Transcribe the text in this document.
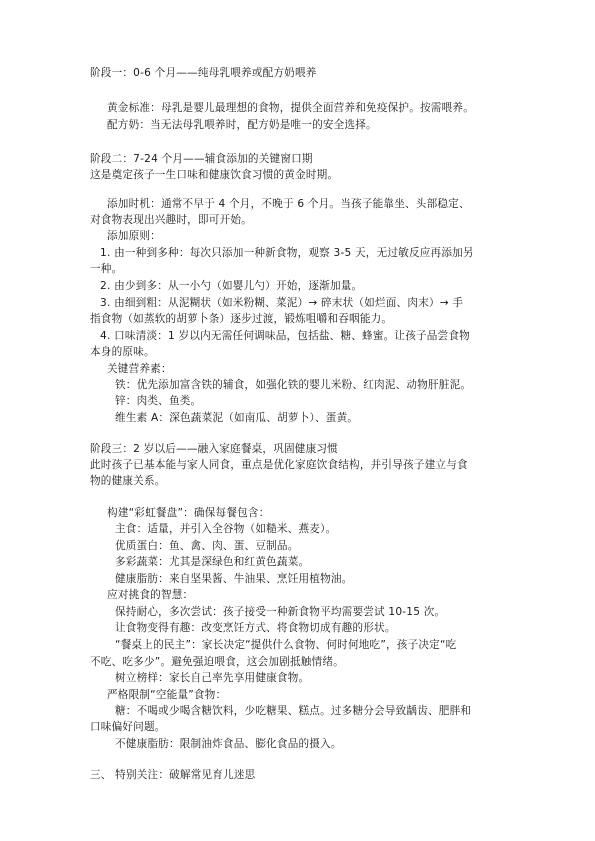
阶段一：0-6 个月——纯母乳喂养或配方奶喂养
黄金标准：母乳是婴儿最理想的食物，提供全面营养和免疫保护。按需喂养。
配方奶：当无法母乳喂养时，配方奶是唯一的安全选择。
阶段二：7-24 个月——辅食添加的关键窗口期
这是奠定孩子一生口味和健康饮食习惯的黄金时期。
添加时机：通常不早于 4 个月，不晚于 6 个月。当孩子能靠坐、头部稳定、
对食物表现出兴趣时，即可开始。
添加原则：
1. 由一种到多种：每次只添加一种新食物，观察 3-5 天，无过敏反应再添加另
一种。
2. 由少到多：从一小勺（如婴儿勺）开始，逐渐加量。
3. 由细到粗：从泥糊状（如米粉糊、菜泥）→ 碎末状（如烂面、肉末）→ 手
指食物（如蒸软的胡萝卜条）逐步过渡，锻炼咀嚼和吞咽能力。
4. 口味清淡：1 岁以内无需任何调味品，包括盐、糖、蜂蜜。让孩子品尝食物
本身的原味。
关键营养素：
铁：优先添加富含铁的辅食，如强化铁的婴儿米粉、红肉泥、动物肝脏泥。
锌：肉类、鱼类。
维生素 A：深色蔬菜泥（如南瓜、胡萝卜）、蛋黄。
阶段三：2 岁以后——融入家庭餐桌，巩固健康习惯
此时孩子已基本能与家人同食，重点是优化家庭饮食结构，并引导孩子建立与食
物的健康关系。
构建“彩虹餐盘”：确保每餐包含：
主食：适量，并引入全谷物（如糙米、燕麦）。
优质蛋白：鱼、禽、肉、蛋、豆制品。
多彩蔬菜：尤其是深绿色和红黄色蔬菜。
健康脂肪：来自坚果酱、牛油果、烹饪用植物油。
应对挑食的智慧：
保持耐心，多次尝试：孩子接受一种新食物平均需要尝试 10-15 次。
让食物变得有趣：改变烹饪方式、将食物切成有趣的形状。
“餐桌上的民主”：家长决定“提供什么食物、何时何地吃”，孩子决定“吃
不吃、吃多少”。避免强迫喂食，这会加剧抵触情绪。
树立榜样：家长自己率先享用健康食物。
严格限制“空能量”食物：
糖：不喝或少喝含糖饮料，少吃糖果、糕点。过多糖分会导致龋齿、肥胖和
口味偏好问题。
不健康脂肪：限制油炸食品、膨化食品的摄入。
三、 特别关注：破解常见育儿迷思
